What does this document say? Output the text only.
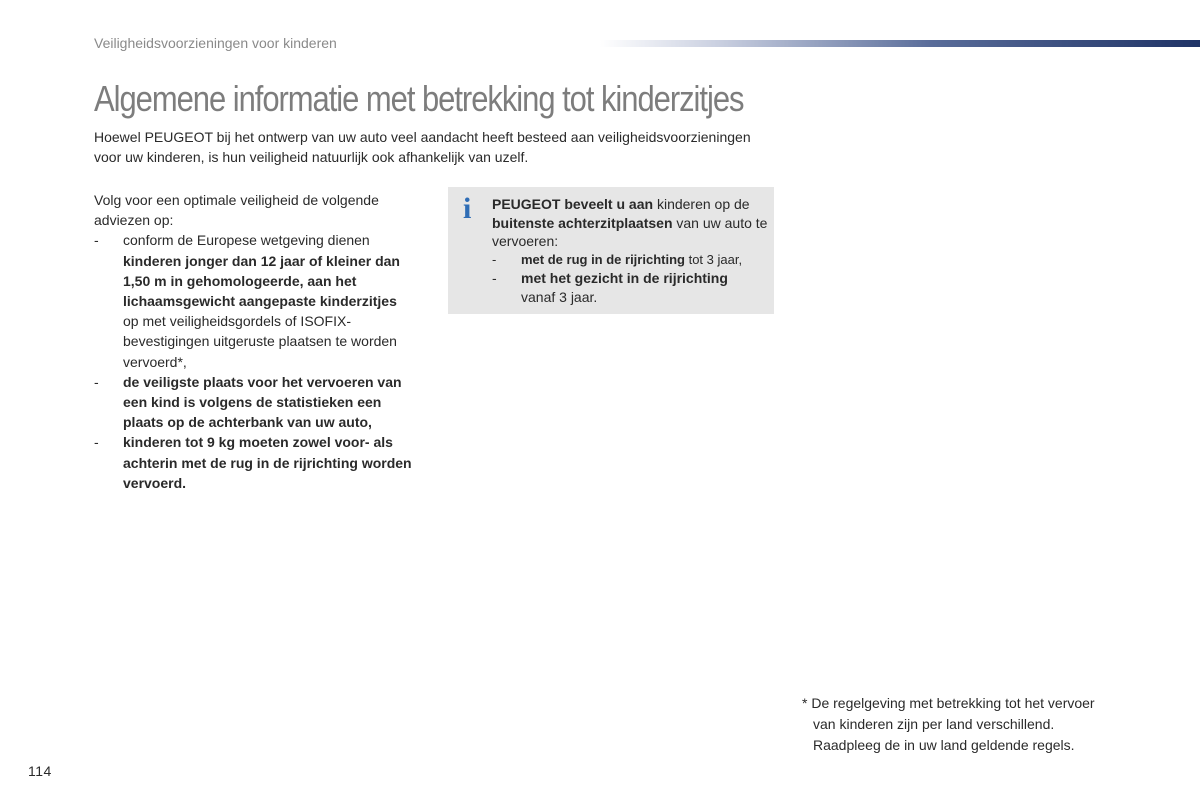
Veiligheidsvoorzieningen voor kinderen
Algemene informatie met betrekking tot kinderzitjes
Hoewel PEUGEOT bij het ontwerp van uw auto veel aandacht heeft besteed aan veiligheidsvoorzieningen voor uw kinderen, is hun veiligheid natuurlijk ook afhankelijk van uzelf.

Volg voor een optimale veiligheid de volgende adviezen op:

- conform de Europese wetgeving dienen kinderen jonger dan 12 jaar of kleiner dan 1,50 m in gehomologeerde, aan het lichaamsgewicht aangepaste kinderzitjes op met veiligheidsgordels of ISOFIX-bevestigingen uitgeruste plaatsen te worden vervoerd*,
- de veiligste plaats voor het vervoeren van een kind is volgens de statistieken een plaats op de achterbank van uw auto,
- kinderen tot 9 kg moeten zowel voor- als achterin met de rug in de rijrichting worden vervoerd.
i PEUGEOT beveelt u aan kinderen op de buitenste achterzitplaatsen van uw auto te vervoeren:

- met de rug in de rijrichting tot 3 jaar,
- met het gezicht in de rijrichting
vanaf 3 jaar.
* De regelgeving met betrekking tot het vervoer
van kinderen zijn per land verschillend.
Raadpleeg de in uw land geldende regels.
114
